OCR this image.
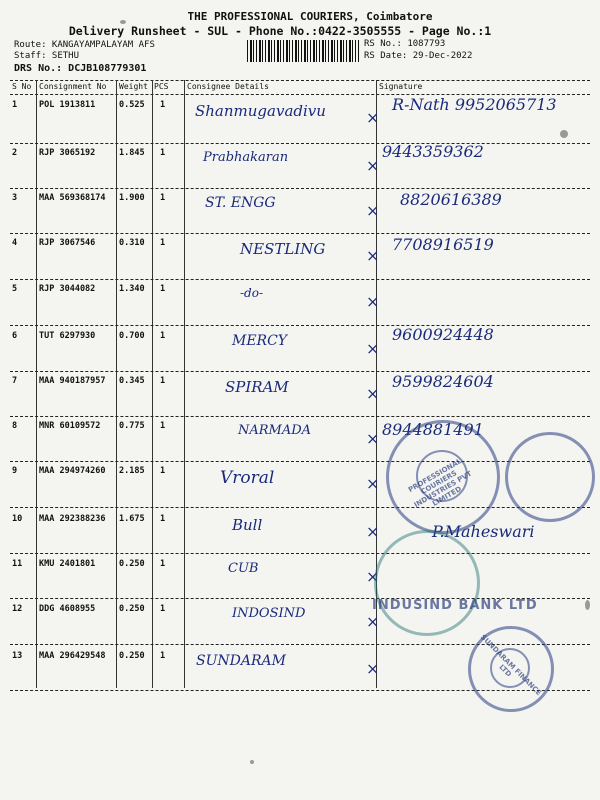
THE PROFESSIONAL COURIERS, Coimbatore
Delivery Runsheet - SUL - Phone No.:0422-3505555 - Page No.:1
Route: KANGAYAMPALAYAM AFS
Staff: SETHU
DRS No.: DCJB108779301
RS No.: 1087793
RS Date: 29-Dec-2022
S No Consignment No Weight PCS Consignee Details	Signature
1	POL 1913811	0.525 1 Shanmugavadivu	R-Nath 9952065713
×
2	RJP 3065192	1.845 1	Prabhakaran	9443359362
×
3	MAA 569368174 1.900 1	ST. ENGG	8820616389
×
4	RJP 3067546	0.310 1	NESTLING	7708916519
×
5	RJP 3044082	1.340 1	-do-	×
6	TUT 6297930	0.700 1	MERCY	9600924448
×
7	MAA 940187957 0.345 1	SPIRAM	9599824604
×
8	MNR 60109572 0.775 1	NARMADA	8944881491
×
9	MAA 294974260 2.185 1	Vroral	×
10 MAA 292388236 1.675 1	Bull	P.Maheswari
×
11 KMU 2401801	0.250 1	CUB	×
12 DDG 4608955	0.250 1	INDOSIND	×
13 MAA 296429548 0.250 1 SUNDARAM	×
PROFESSIONAL COURIERS INDUSTRIES PVT LIMITED
INDUSIND BANK LTD
SUNDARAM FINANCE LTD
